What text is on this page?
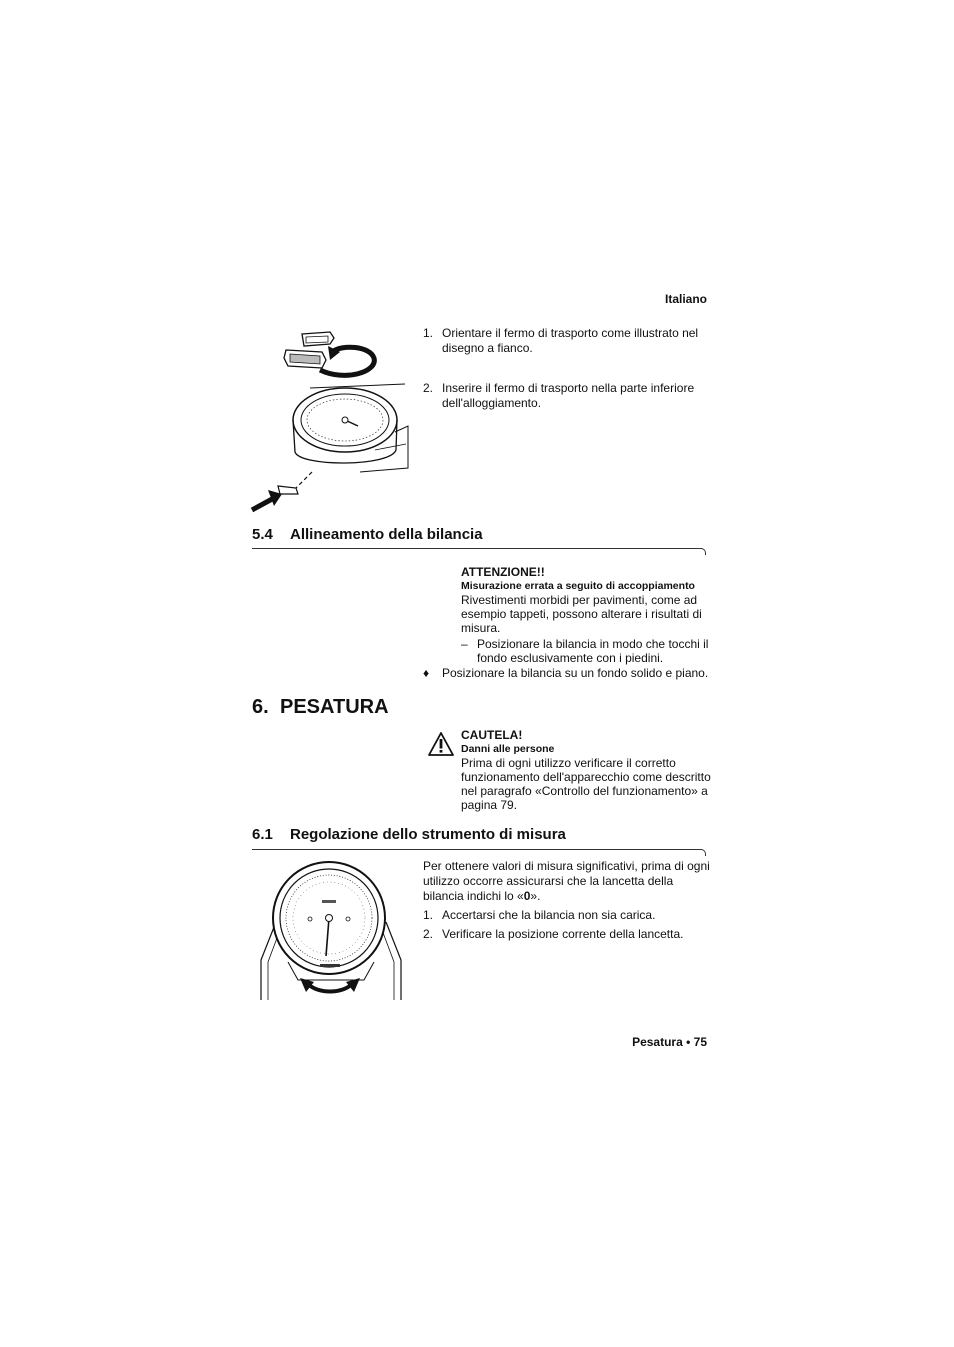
Italiano
1. Orientare il fermo di trasporto come illustrato nel disegno a fianco.
2. Inserire il fermo di trasporto nella parte inferiore dell'alloggiamento.
5.4	Allineamento della bilancia
ATTENZIONE!!
Misurazione errata a seguito di accoppiamento
Rivestimenti morbidi per pavimenti, come ad esempio tappeti, possono alterare i risultati di misura.
– Posizionare la bilancia in modo che tocchi il fondo esclusivamente con i piedini.
♦	Posizionare la bilancia su un fondo solido e piano.
6. PESATURA
CAUTELA!
Danni alle persone
Prima di ogni utilizzo verificare il corretto funzionamento dell'apparecchio come descritto nel paragrafo «Controllo del funzionamento» a pagina 79.
6.1	Regolazione dello strumento di misura
Per ottenere valori di misura significativi, prima di ogni utilizzo occorre assicurarsi che la lancetta della bilancia indichi lo «0».
1. Accertarsi che la bilancia non sia carica.
2. Verificare la posizione corrente della lancetta.
Pesatura • 75
